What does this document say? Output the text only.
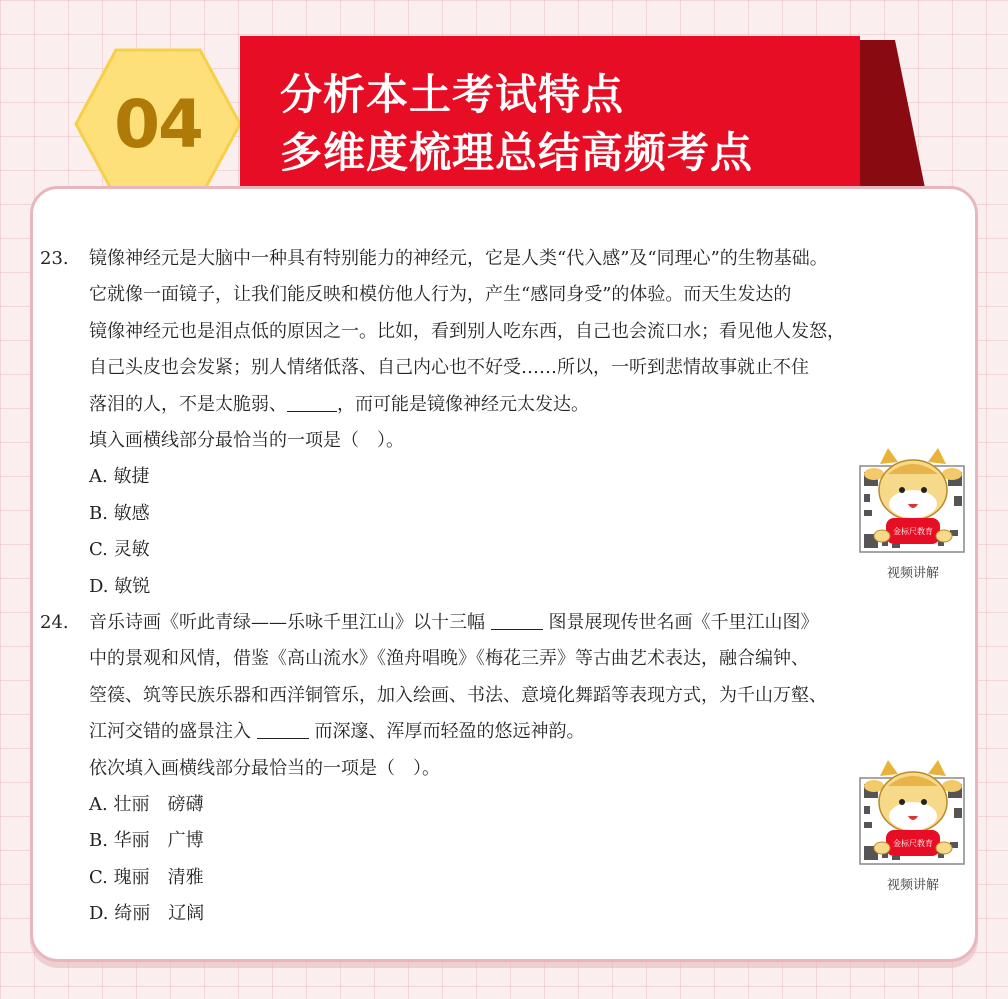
04	分析本土考试特点
多维度梳理总结高频考点
23.	镜像神经元是大脑中一种具有特别能力的神经元，它是人类“代入感”及“同理心”的生物基础。
它就像一面镜子，让我们能反映和模仿他人行为，产生“感同身受”的体验。而天生发达的
镜像神经元也是泪点低的原因之一。比如，看到别人吃东西，自己也会流口水；看见他人发怒，
自己头皮也会发紧；别人情绪低落、自己内心也不好受……所以，一听到悲情故事就止不住
落泪的人，不是太脆弱、	，而可能是镜像神经元太发达。
填入画横线部分最恰当的一项是（　）。
A. 敏捷
B. 敏感
C. 灵敏
D. 敏锐
金标尺教育
视频讲解
24.	音乐诗画《听此青绿——乐咏千里江山》以十三幅	图景展现传世名画《千里江山图》
中的景观和风情，借鉴《高山流水》《渔舟唱晚》《梅花三弄》等古曲艺术表达，融合编钟、
箜篌、筑等民族乐器和西洋铜管乐，加入绘画、书法、意境化舞蹈等表现方式，为千山万壑、
江河交错的盛景注入	而深邃、浑厚而轻盈的悠远神韵。
依次填入画横线部分最恰当的一项是（　）。
A. 壮丽　磅礴
B. 华丽　广博
C. 瑰丽　清雅
D. 绮丽　辽阔
金标尺教育
视频讲解
